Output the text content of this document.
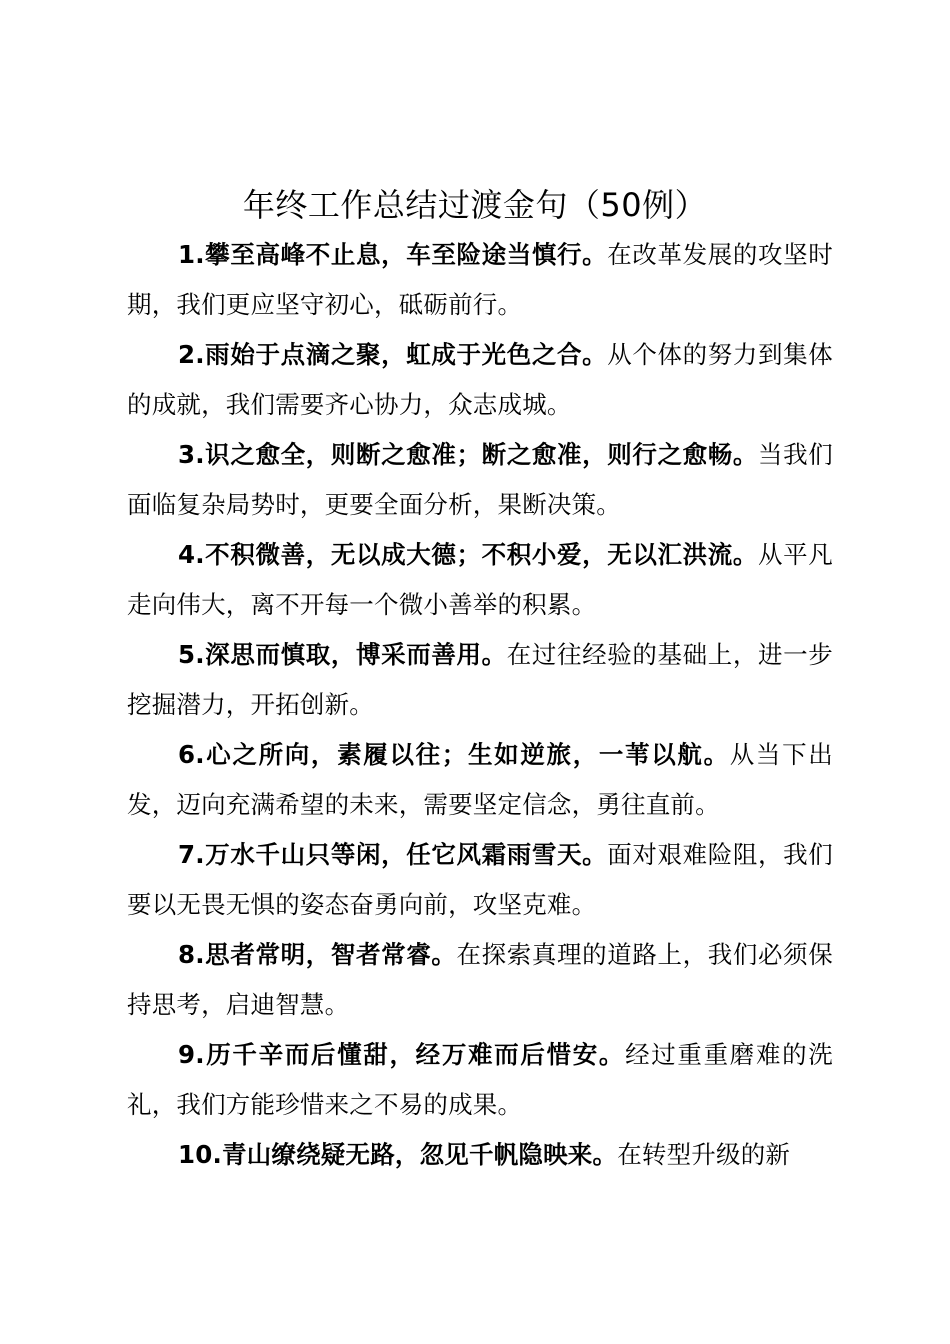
年终工作总结过渡金句（50例）

1.攀至高峰不止息，车至险途当慎行。在改革发展的攻坚时期，我们更应坚守初心，砥砺前行。

2.雨始于点滴之聚，虹成于光色之合。从个体的努力到集体的成就，我们需要齐心协力，众志成城。

3.识之愈全，则断之愈准；断之愈准，则行之愈畅。当我们面临复杂局势时，更要全面分析，果断决策。

4.不积微善，无以成大德；不积小爱，无以汇洪流。从平凡走向伟大，离不开每一个微小善举的积累。

5.深思而慎取，博采而善用。在过往经验的基础上，进一步挖掘潜力，开拓创新。

6.心之所向，素履以往；生如逆旅，一苇以航。从当下出发，迈向充满希望的未来，需要坚定信念，勇往直前。

7.万水千山只等闲，任它风霜雨雪天。面对艰难险阻，我们要以无畏无惧的姿态奋勇向前，攻坚克难。

8.思者常明，智者常睿。在探索真理的道路上，我们必须保持思考，启迪智慧。

9.历千辛而后懂甜，经万难而后惜安。经过重重磨难的洗礼，我们方能珍惜来之不易的成果。

10.青山缭绕疑无路，忽见千帆隐映来。在转型升级的新
